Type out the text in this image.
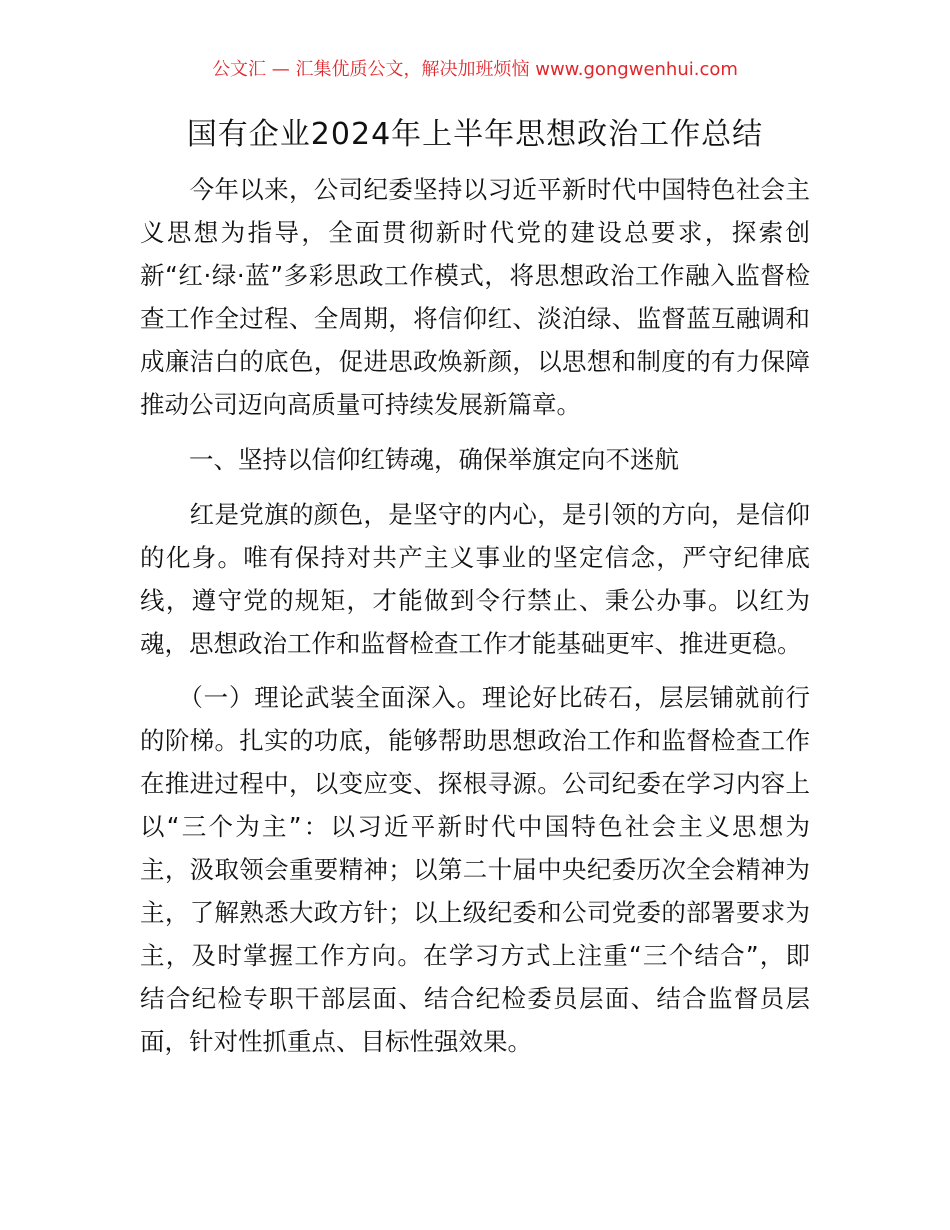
公文汇 — 汇集优质公文，解决加班烦恼 www.gongwenhui.com
国有企业2024年上半年思想政治工作总结
　　今年以来，公司纪委坚持以习近平新时代中国特色社会主
义思想为指导，全面贯彻新时代党的建设总要求，探索创
新“红·绿·蓝”多彩思政工作模式，将思想政治工作融入监督检
查工作全过程、全周期，将信仰红、淡泊绿、监督蓝互融调和
成廉洁白的底色，促进思政焕新颜，以思想和制度的有力保障
推动公司迈向高质量可持续发展新篇章。
　　一、坚持以信仰红铸魂，确保举旗定向不迷航
　　红是党旗的颜色，是坚守的内心，是引领的方向，是信仰
的化身。唯有保持对共产主义事业的坚定信念，严守纪律底
线，遵守党的规矩，才能做到令行禁止、秉公办事。以红为
魂，思想政治工作和监督检查工作才能基础更牢、推进更稳。
　　（一）理论武装全面深入。理论好比砖石，层层铺就前行
的阶梯。扎实的功底，能够帮助思想政治工作和监督检查工作
在推进过程中，以变应变、探根寻源。公司纪委在学习内容上
以“三个为主”：以习近平新时代中国特色社会主义思想为
主，汲取领会重要精神；以第二十届中央纪委历次全会精神为
主，了解熟悉大政方针；以上级纪委和公司党委的部署要求为
主，及时掌握工作方向。在学习方式上注重“三个结合”，即
结合纪检专职干部层面、结合纪检委员层面、结合监督员层
面，针对性抓重点、目标性强效果。
